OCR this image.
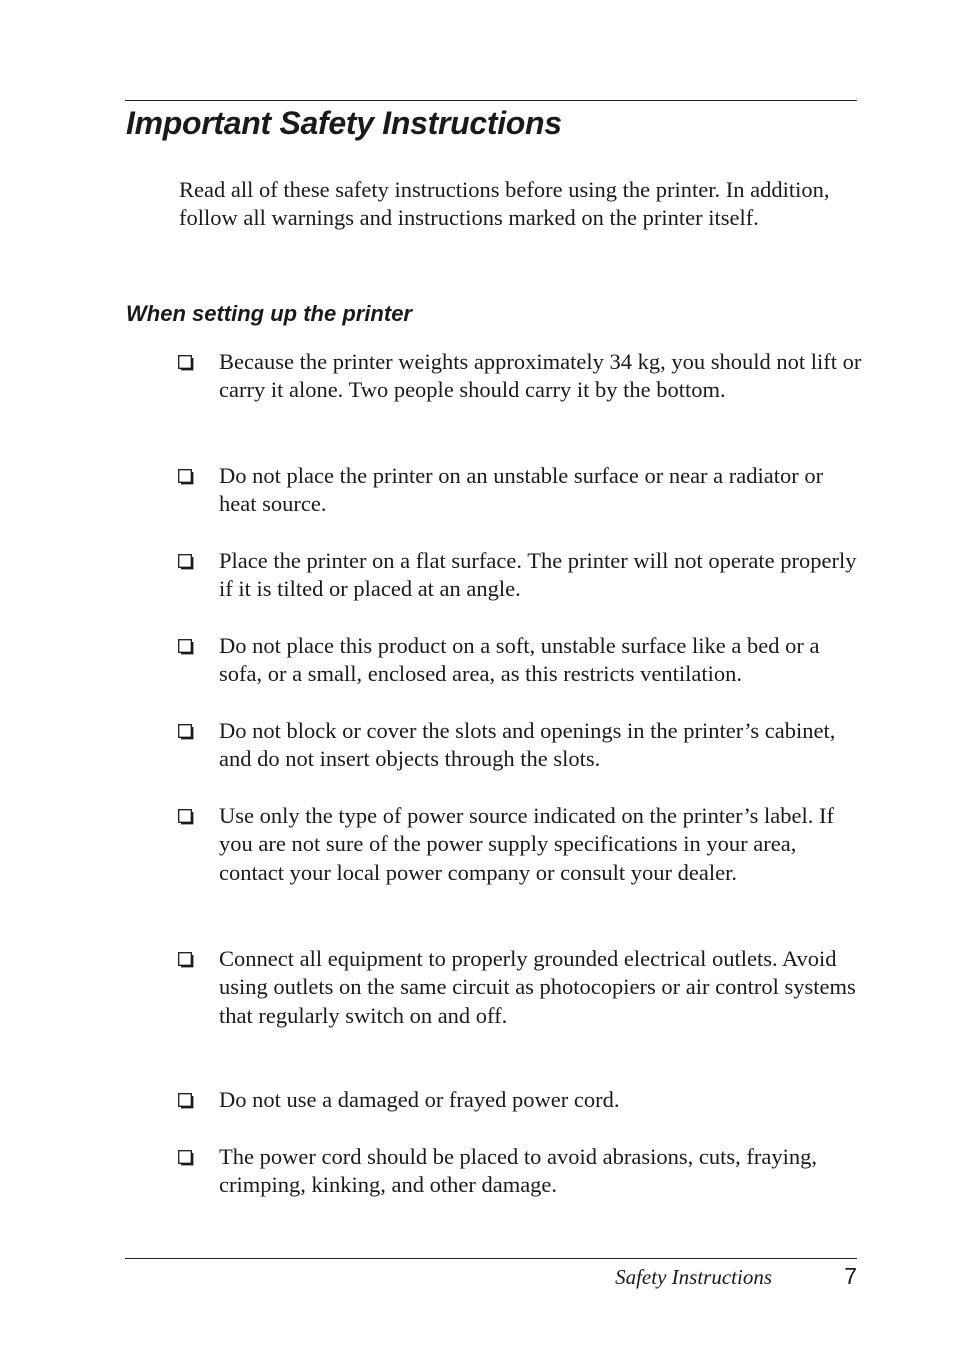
Important Safety Instructions

Read all of these safety instructions before using the printer. In addition, follow all warnings and instructions marked on the printer itself.

When setting up the printer
Because the printer weights approximately 34 kg, you should not lift or carry it alone. Two people should carry it by the bottom.
Do not place the printer on an unstable surface or near a radiator or heat source.
Place the printer on a flat surface. The printer will not operate properly if it is tilted or placed at an angle.
Do not place this product on a soft, unstable surface like a bed or a sofa, or a small, enclosed area, as this restricts ventilation.
Do not block or cover the slots and openings in the printer’s cabinet, and do not insert objects through the slots.
Use only the type of power source indicated on the printer’s label. If you are not sure of the power supply specifications in your area, contact your local power company or consult your dealer.
Connect all equipment to properly grounded electrical outlets. Avoid using outlets on the same circuit as photocopiers or air control systems that regularly switch on and off.
Do not use a damaged or frayed power cord.
The power cord should be placed to avoid abrasions, cuts, fraying, crimping, kinking, and other damage.
Safety Instructions	7
